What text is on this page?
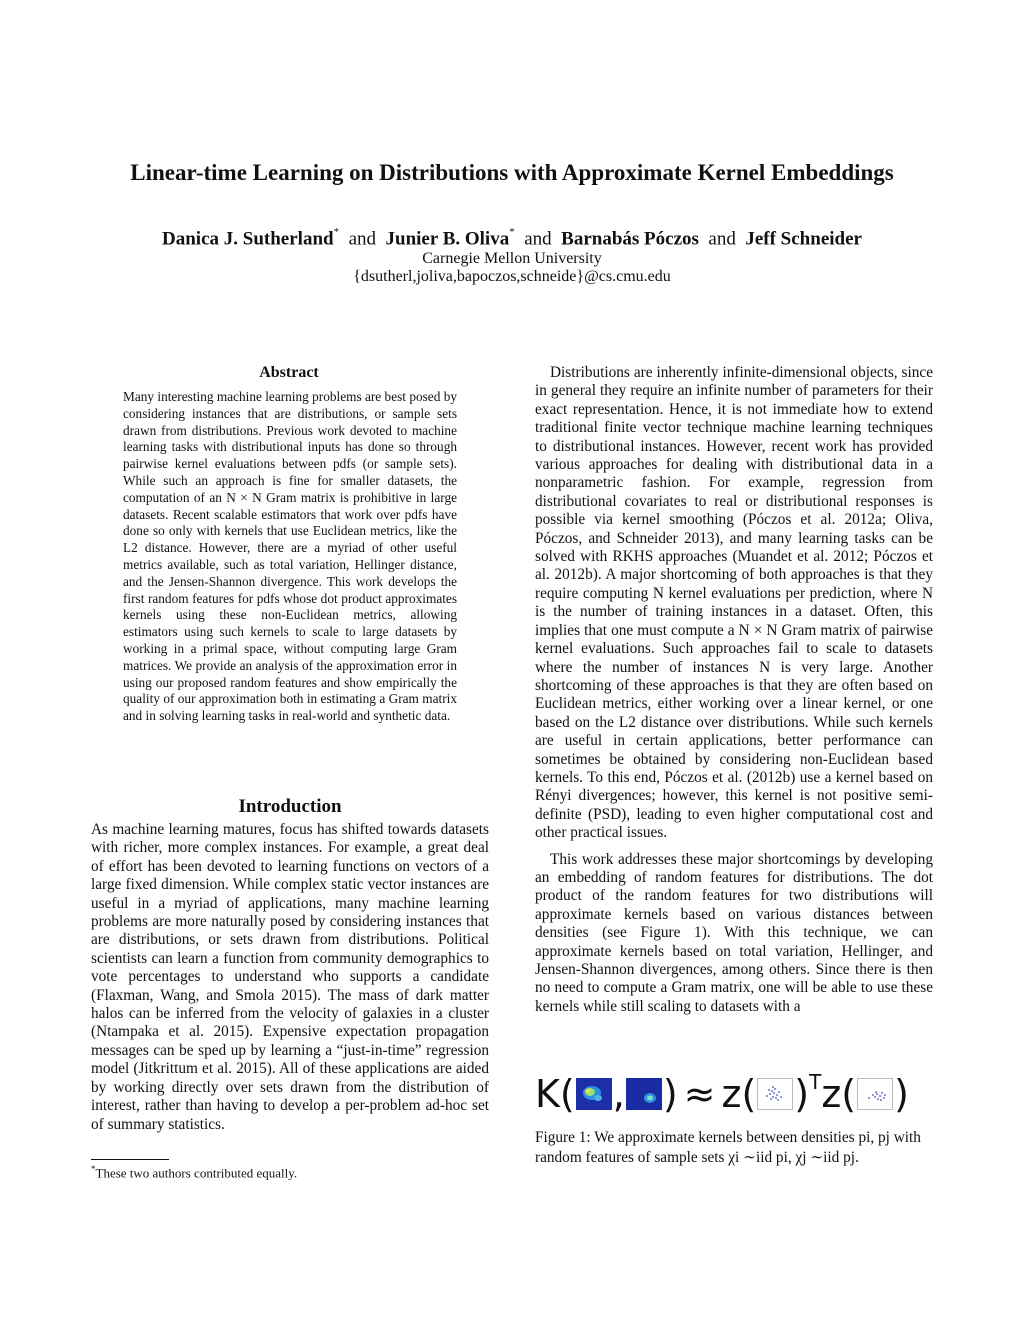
Linear-time Learning on Distributions with Approximate Kernel Embeddings
Danica J. Sutherland* and Junier B. Oliva* and Barnabás Póczos and Jeff Schneider
Carnegie Mellon University
{dsutherl,joliva,bapoczos,schneide}@cs.cmu.edu
Abstract
Many interesting machine learning problems are best posed by considering instances that are distributions, or sample sets drawn from distributions. Previous work devoted to machine learning tasks with distributional inputs has done so through pairwise kernel evaluations between pdfs (or sample sets). While such an approach is fine for smaller datasets, the computation of an N × N Gram matrix is prohibitive in large datasets. Recent scalable estimators that work over pdfs have done so only with kernels that use Euclidean metrics, like the L2 distance. However, there are a myriad of other useful metrics available, such as total variation, Hellinger distance, and the Jensen-Shannon divergence. This work develops the first random features for pdfs whose dot product approximates kernels using these non-Euclidean metrics, allowing estimators using such kernels to scale to large datasets by working in a primal space, without computing large Gram matrices. We provide an analysis of the approximation error in using our proposed random features and show empirically the quality of our approximation both in estimating a Gram matrix and in solving learning tasks in real-world and synthetic data.
Introduction
As machine learning matures, focus has shifted towards datasets with richer, more complex instances. For example, a great deal of effort has been devoted to learning functions on vectors of a large fixed dimension. While complex static vector instances are useful in a myriad of applications, many machine learning problems are more naturally posed by considering instances that are distributions, or sets drawn from distributions. Political scientists can learn a function from community demographics to vote percentages to understand who supports a candidate (Flaxman, Wang, and Smola 2015). The mass of dark matter halos can be inferred from the velocity of galaxies in a cluster (Ntampaka et al. 2015). Expensive expectation propagation messages can be sped up by learning a “just-in-time” regression model (Jitkrittum et al. 2015). All of these applications are aided by working directly over sets drawn from the distribution of interest, rather than having to develop a per-problem ad-hoc set of summary statistics.
*These two authors contributed equally.

Distributions are inherently infinite-dimensional objects, since in general they require an infinite number of parameters for their exact representation. Hence, it is not immediate how to extend traditional finite vector technique machine learning techniques to distributional instances. However, recent work has provided various approaches for dealing with distributional data in a nonparametric fashion. For example, regression from distributional covariates to real or distributional responses is possible via kernel smoothing (Póczos et al. 2012a; Oliva, Póczos, and Schneider 2013), and many learning tasks can be solved with RKHS approaches (Muandet et al. 2012; Póczos et al. 2012b). A major shortcoming of both approaches is that they require computing N kernel evaluations per prediction, where N is the number of training instances in a dataset. Often, this implies that one must compute a N × N Gram matrix of pairwise kernel evaluations. Such approaches fail to scale to datasets where the number of instances N is very large. Another shortcoming of these approaches is that they are often based on Euclidean metrics, either working over a linear kernel, or one based on the L2 distance over distributions. While such kernels are useful in certain applications, better performance can sometimes be obtained by considering non-Euclidean based kernels. To this end, Póczos et al. (2012b) use a kernel based on Rényi divergences; however, this kernel is not positive semi-definite (PSD), leading to even higher computational cost and other practical issues.

This work addresses these major shortcomings by developing an embedding of random features for distributions. The dot product of the random features for two distributions will approximate kernels based on various distances between densities (see Figure 1). With this technique, we can approximate kernels based on total variation, Hellinger, and Jensen-Shannon divergences, among others. Since there is then no need to compute a Gram matrix, one will be able to use these kernels while still scaling to datasets with a

K( , ) ≈ z( )$^T$ z( )
Figure 1: We approximate kernels between densities pi, pj with random features of sample sets χi ∼iid pi, χj ∼iid pj.
